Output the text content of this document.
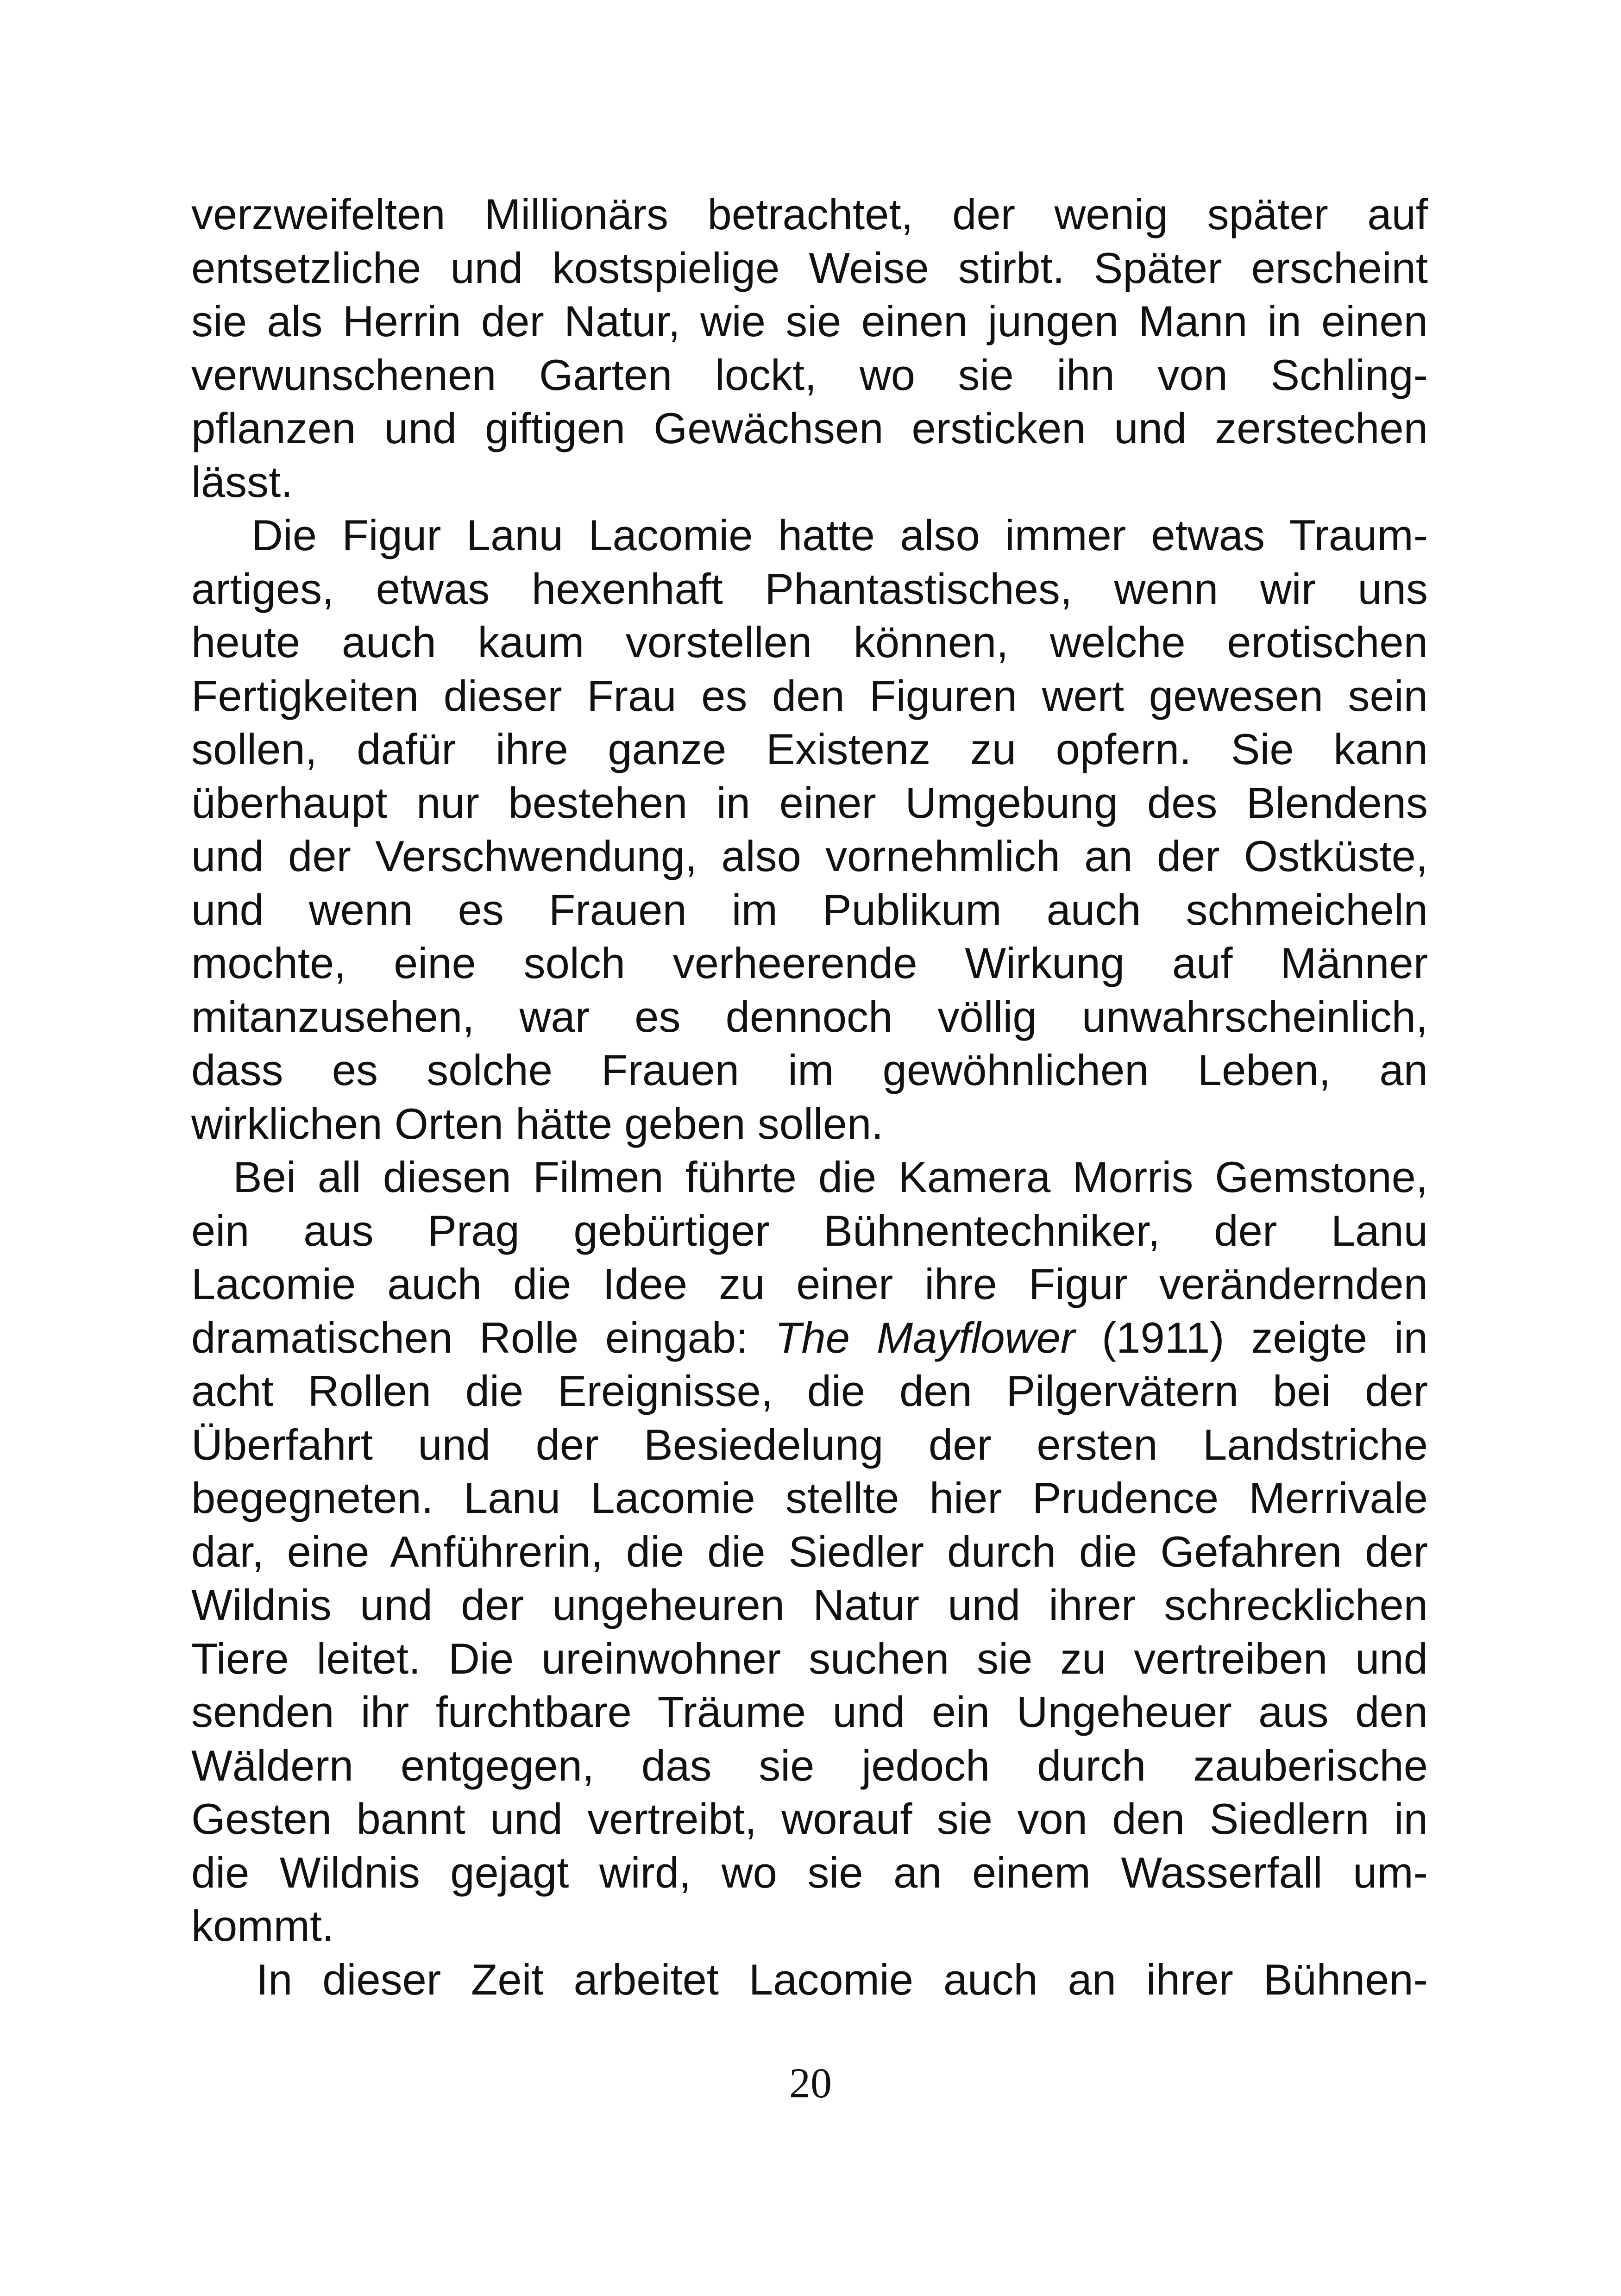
verzweifelten Millionärs betrachtet, der wenig später auf
entsetzliche und kostspielige Weise stirbt. Später erscheint
sie als Herrin der Natur, wie sie einen jungen Mann in einen
verwunschenen Garten lockt, wo sie ihn von Schling-
pflanzen und giftigen Gewächsen ersticken und zerstechen
lässt.
Die Figur Lanu Lacomie hatte also immer etwas Traum-
artiges, etwas hexenhaft Phantastisches, wenn wir uns
heute auch kaum vorstellen können, welche erotischen
Fertigkeiten dieser Frau es den Figuren wert gewesen sein
sollen, dafür ihre ganze Existenz zu opfern. Sie kann
überhaupt nur bestehen in einer Umgebung des Blendens
und der Verschwendung, also vornehmlich an der Ostküste,
und wenn es Frauen im Publikum auch schmeicheln
mochte, eine solch verheerende Wirkung auf Männer
mitanzusehen, war es dennoch völlig unwahrscheinlich,
dass es solche Frauen im gewöhnlichen Leben, an
wirklichen Orten hätte geben sollen.
Bei all diesen Filmen führte die Kamera Morris Gemstone,
ein aus Prag gebürtiger Bühnentechniker, der Lanu
Lacomie auch die Idee zu einer ihre Figur verändernden
dramatischen Rolle eingab: The Mayflower (1911) zeigte in
acht Rollen die Ereignisse, die den Pilgervätern bei der
Überfahrt und der Besiedelung der ersten Landstriche
begegneten. Lanu Lacomie stellte hier Prudence Merrivale
dar, eine Anführerin, die die Siedler durch die Gefahren der
Wildnis und der ungeheuren Natur und ihrer schrecklichen
Tiere leitet. Die ureinwohner suchen sie zu vertreiben und
senden ihr furchtbare Träume und ein Ungeheuer aus den
Wäldern entgegen, das sie jedoch durch zauberische
Gesten bannt und vertreibt, worauf sie von den Siedlern in
die Wildnis gejagt wird, wo sie an einem Wasserfall um-
kommt.
In dieser Zeit arbeitet Lacomie auch an ihrer Bühnen-
20
